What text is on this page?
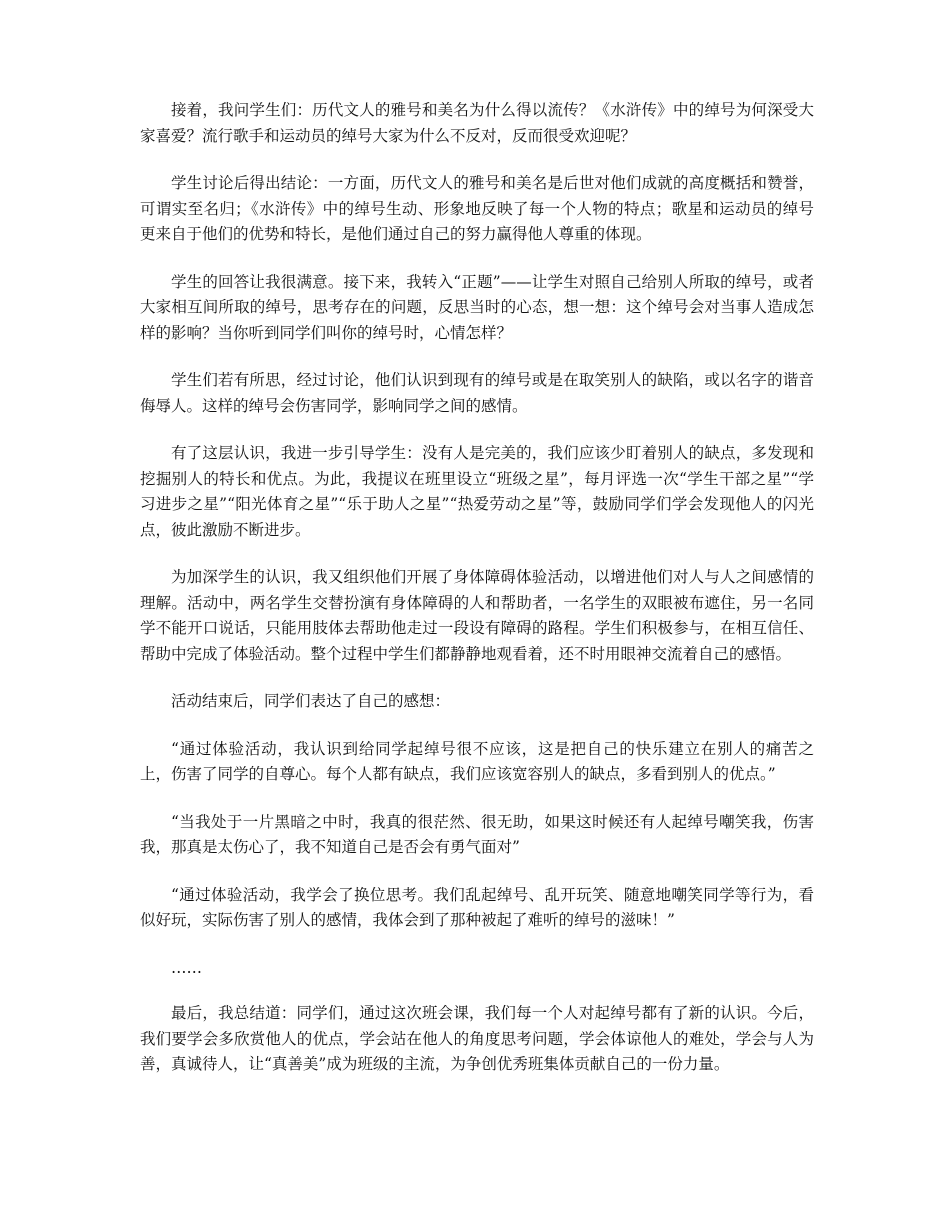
接着，我问学生们：历代文人的雅号和美名为什么得以流传？《水浒传》中的绰号为何深受大家喜爱？流行歌手和运动员的绰号大家为什么不反对，反而很受欢迎呢？

学生讨论后得出结论：一方面，历代文人的雅号和美名是后世对他们成就的高度概括和赞誉，可谓实至名归；《水浒传》中的绰号生动、形象地反映了每一个人物的特点；歌星和运动员的绰号更来自于他们的优势和特长，是他们通过自己的努力赢得他人尊重的体现。

学生的回答让我很满意。接下来，我转入“正题”——让学生对照自己给别人所取的绰号，或者大家相互间所取的绰号，思考存在的问题，反思当时的心态，想一想：这个绰号会对当事人造成怎样的影响？当你听到同学们叫你的绰号时，心情怎样？

学生们若有所思，经过讨论，他们认识到现有的绰号或是在取笑别人的缺陷，或以名字的谐音侮辱人。这样的绰号会伤害同学，影响同学之间的感情。

有了这层认识，我进一步引导学生：没有人是完美的，我们应该少盯着别人的缺点，多发现和挖掘别人的特长和优点。为此，我提议在班里设立“班级之星”，每月评选一次“学生干部之星”“学习进步之星”“阳光体育之星”“乐于助人之星”“热爱劳动之星”等，鼓励同学们学会发现他人的闪光点，彼此激励不断进步。

为加深学生的认识，我又组织他们开展了身体障碍体验活动，以增进他们对人与人之间感情的理解。活动中，两名学生交替扮演有身体障碍的人和帮助者，一名学生的双眼被布遮住，另一名同学不能开口说话，只能用肢体去帮助他走过一段设有障碍的路程。学生们积极参与，在相互信任、帮助中完成了体验活动。整个过程中学生们都静静地观看着，还不时用眼神交流着自己的感悟。

活动结束后，同学们表达了自己的感想：

“通过体验活动，我认识到给同学起绰号很不应该，这是把自己的快乐建立在别人的痛苦之上，伤害了同学的自尊心。每个人都有缺点，我们应该宽容别人的缺点，多看到别人的优点。”

“当我处于一片黑暗之中时，我真的很茫然、很无助，如果这时候还有人起绰号嘲笑我，伤害我，那真是太伤心了，我不知道自己是否会有勇气面对”

“通过体验活动，我学会了换位思考。我们乱起绰号、乱开玩笑、随意地嘲笑同学等行为，看似好玩，实际伤害了别人的感情，我体会到了那种被起了难听的绰号的滋味！”

……

最后，我总结道：同学们，通过这次班会课，我们每一个人对起绰号都有了新的认识。今后，我们要学会多欣赏他人的优点，学会站在他人的角度思考问题，学会体谅他人的难处，学会与人为善，真诚待人，让“真善美”成为班级的主流，为争创优秀班集体贡献自己的一份力量。
